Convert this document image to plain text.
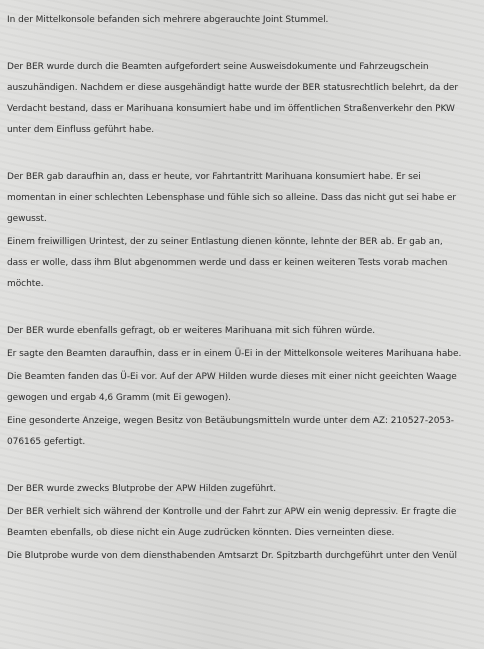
In der Mittelkonsole befanden sich mehrere abgerauchte Joint Stummel.

Der BER wurde durch die Beamten aufgefordert seine Ausweisdokumente und Fahrzeugschein auszuhändigen. Nachdem er diese ausgehändigt hatte wurde der BER statusrechtlich belehrt, da der Verdacht bestand, dass er Marihuana konsumiert habe und im öffentlichen Straßenverkehr den PKW unter dem Einfluss geführt habe.

Der BER gab daraufhin an, dass er heute, vor Fahrtantritt Marihuana konsumiert habe. Er sei momentan in einer schlechten Lebensphase und fühle sich so alleine. Dass das nicht gut sei habe er gewusst.

Einem freiwilligen Urintest, der zu seiner Entlastung dienen könnte, lehnte der BER ab. Er gab an, dass er wolle, dass ihm Blut abgenommen werde und dass er keinen weiteren Tests vorab machen möchte.

Der BER wurde ebenfalls gefragt, ob er weiteres Marihuana mit sich führen würde.

Er sagte den Beamten daraufhin, dass er in einem Ü-Ei in der Mittelkonsole weiteres Marihuana habe.

Die Beamten fanden das Ü-Ei vor. Auf der APW Hilden wurde dieses mit einer nicht geeichten Waage gewogen und ergab 4,6 Gramm (mit Ei gewogen).

Eine gesonderte Anzeige, wegen Besitz von Betäubungsmitteln wurde unter dem AZ: 210527-2053-076165 gefertigt.

Der BER wurde zwecks Blutprobe der APW Hilden zugeführt.

Der BER verhielt sich während der Kontrolle und der Fahrt zur APW ein wenig depressiv. Er fragte die Beamten ebenfalls, ob diese nicht ein Auge zudrücken könnten. Dies verneinten diese.

Die Blutprobe wurde von dem diensthabenden Amtsarzt Dr. Spitzbarth durchgeführt unter den Venül
